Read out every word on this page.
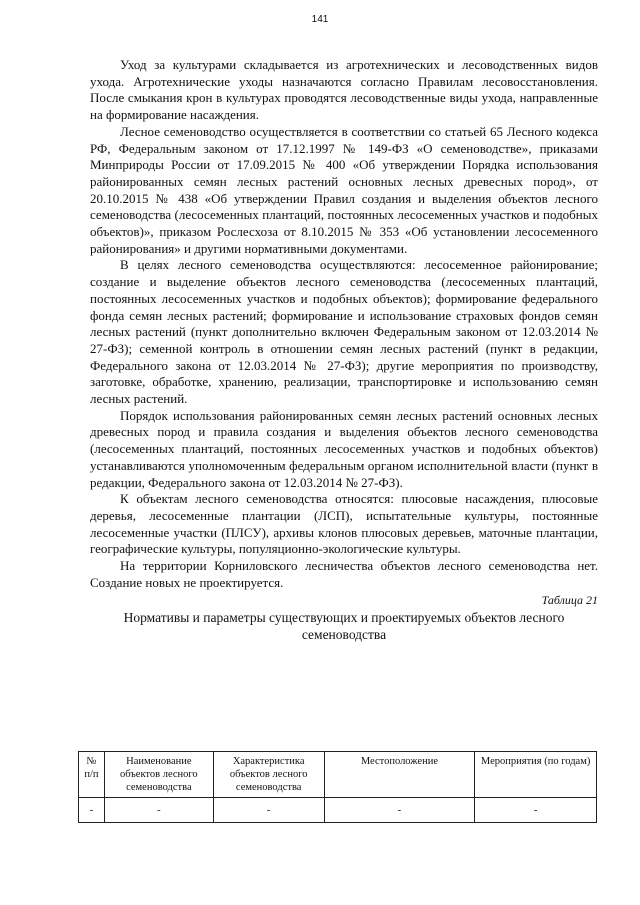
141

Уход за культурами складывается из агротехнических и лесоводственных видов ухода. Агротехнические уходы назначаются согласно Правилам лесовосстановления. После смыкания крон в культурах проводятся лесоводственные виды ухода, направленные на формирование насаждения.

Лесное семеноводство осуществляется в соответствии со статьей 65 Лесного кодекса РФ, Федеральным законом от 17.12.1997 № 149-ФЗ «О семеноводстве», приказами Минприроды России от 17.09.2015 № 400 «Об утверждении Порядка использования районированных семян лесных растений основных лесных древесных пород», от 20.10.2015 № 438 «Об утверждении Правил создания и выделения объектов лесного семеноводства (лесосеменных плантаций, постоянных лесосеменных участков и подобных объектов)», приказом Рослесхоза от 8.10.2015 № 353 «Об установлении лесосеменного районирования» и другими нормативными документами.

В целях лесного семеноводства осуществляются: лесосеменное районирование; создание и выделение объектов лесного семеноводства (лесосеменных плантаций, постоянных лесосеменных участков и подобных объектов); формирование федерального фонда семян лесных растений; формирование и использование страховых фондов семян лесных растений (пункт дополнительно включен Федеральным законом от 12.03.2014 № 27-ФЗ); семенной контроль в отношении семян лесных растений (пункт в редакции, Федерального закона от 12.03.2014 № 27-ФЗ); другие мероприятия по производству, заготовке, обработке, хранению, реализации, транспортировке и использованию семян лесных растений.

Порядок использования районированных семян лесных растений основных лесных древесных пород и правила создания и выделения объектов лесного семеноводства (лесосеменных плантаций, постоянных лесосеменных участков и подобных объектов) устанавливаются уполномоченным федеральным органом исполнительной власти (пункт в редакции, Федерального закона от 12.03.2014 № 27-ФЗ).

К объектам лесного семеноводства относятся: плюсовые насаждения, плюсовые деревья, лесосеменные плантации (ЛСП), испытательные культуры, постоянные лесосеменные участки (ПЛСУ), архивы клонов плюсовых деревьев, маточные плантации, географические культуры, популяционно-экологические культуры.

На территории Корниловского лесничества объектов лесного семеноводства нет. Создание новых не проектируется.

Таблица 21
Нормативы и параметры существующих и проектируемых объектов лесного семеноводства
№ п/п	Наименование объектов лесного семеноводства	Характеристика объектов лесного семеноводства	Местоположение	Мероприятия (по годам)
-	-	-	-	-
